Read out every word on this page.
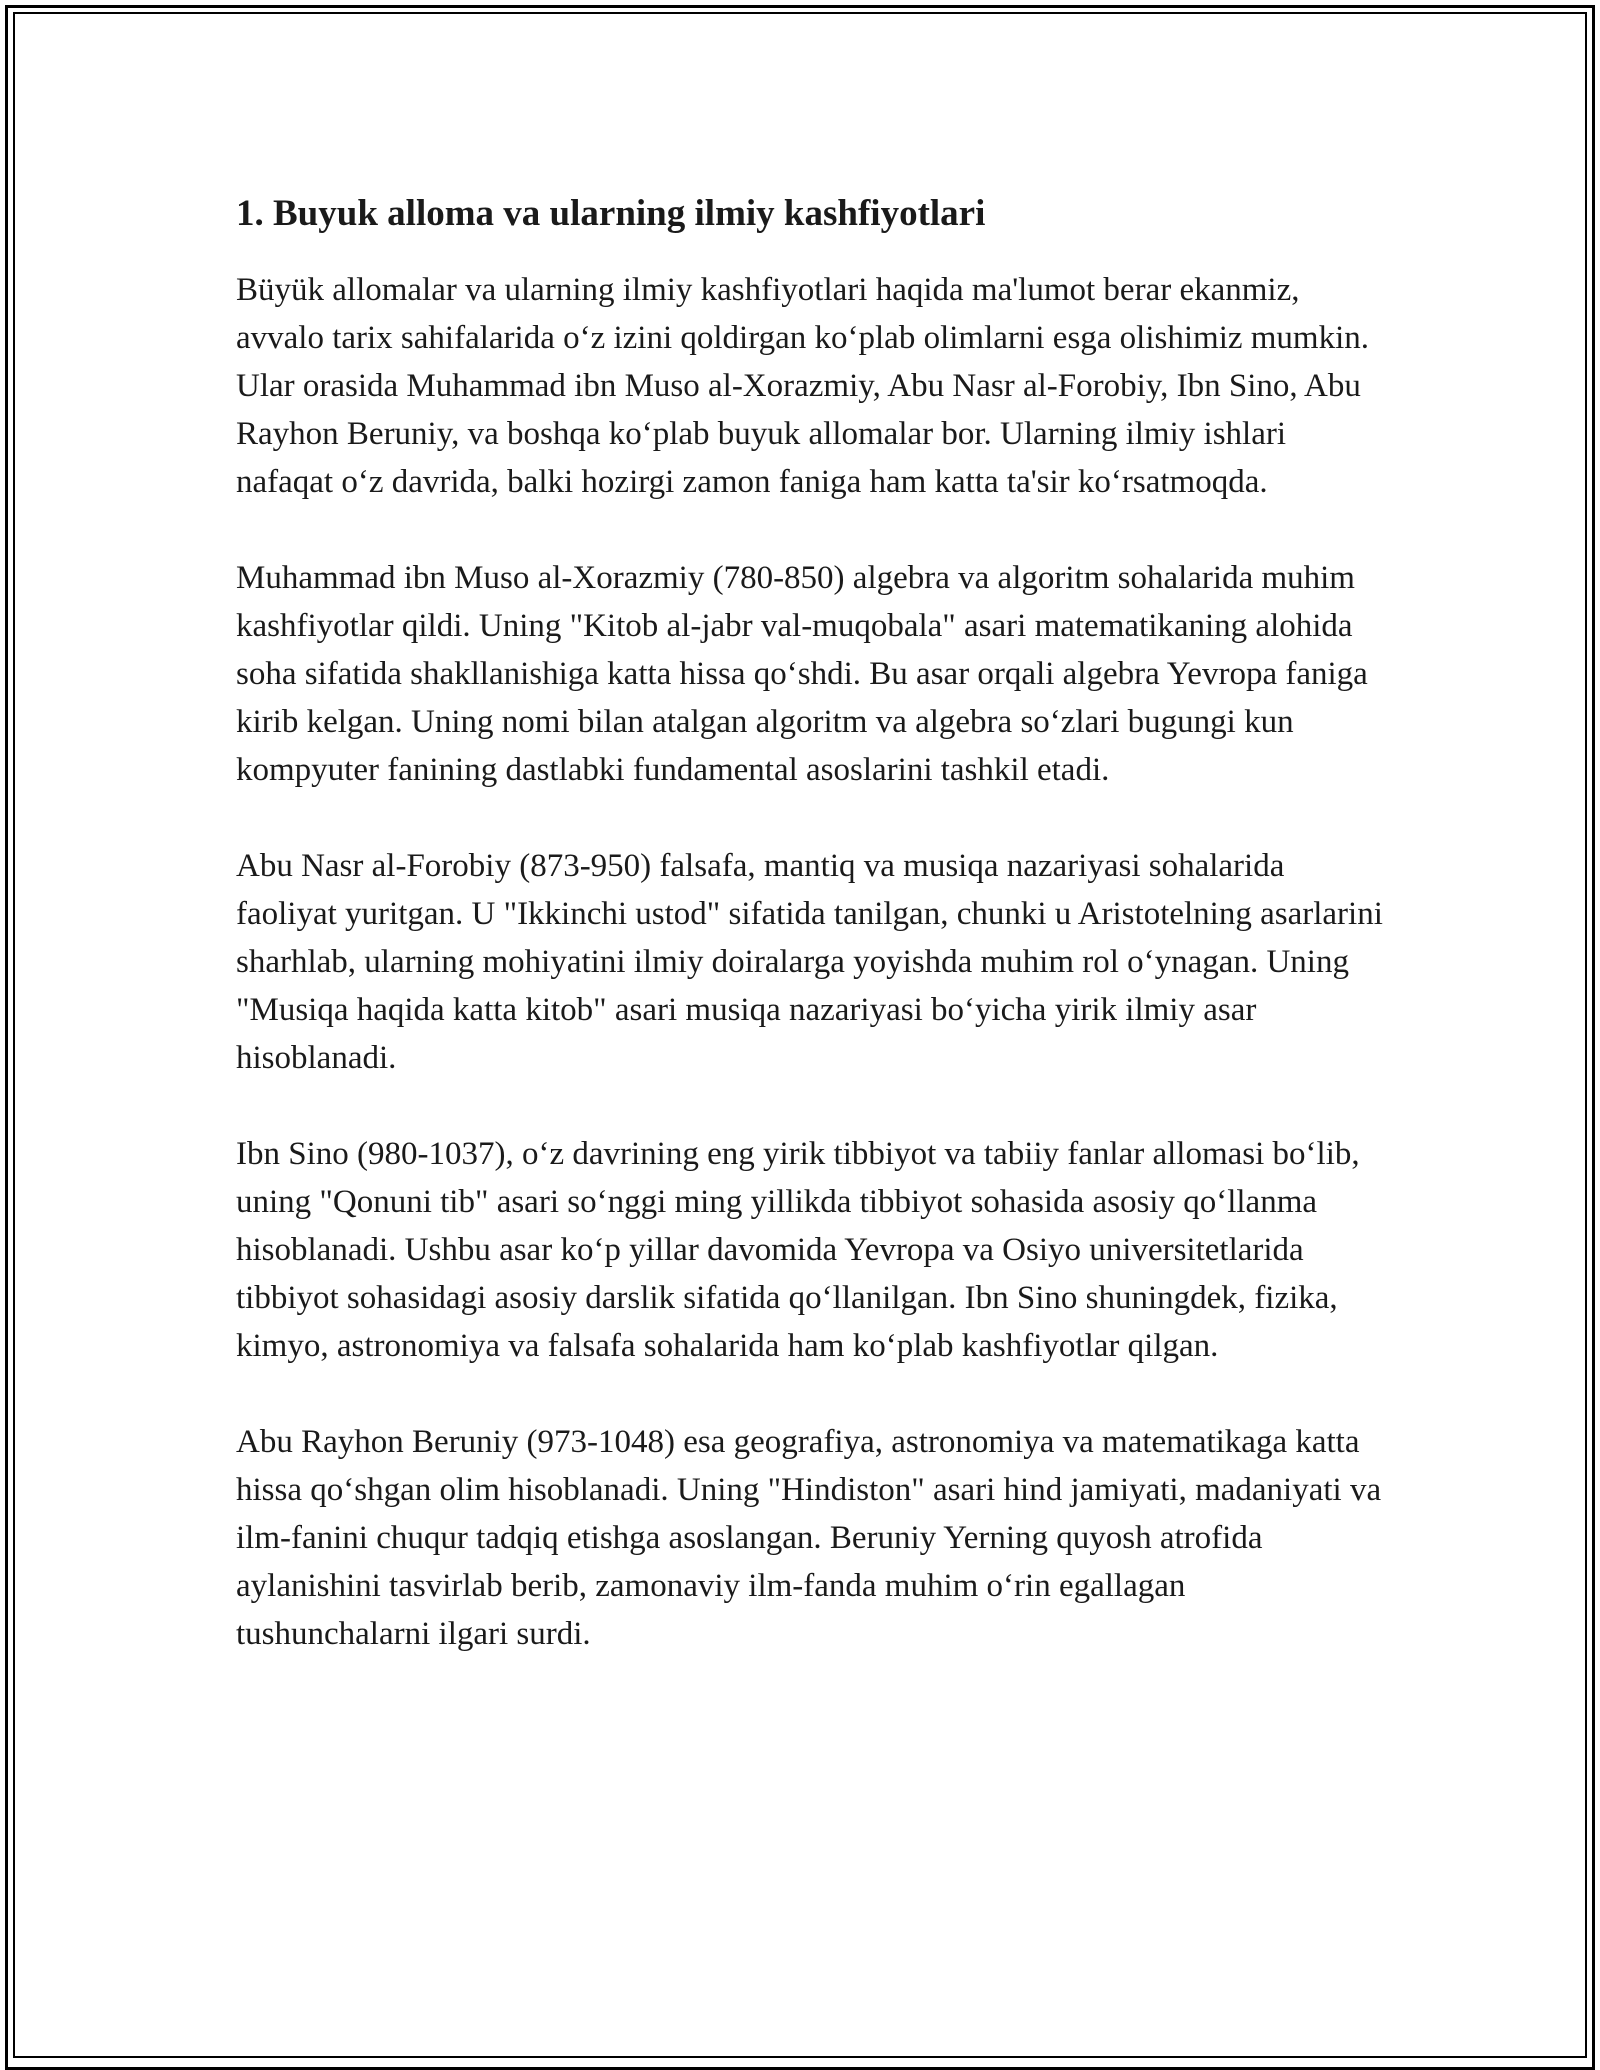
1. Buyuk alloma va ularning ilmiy kashfiyotlari

Büyük allomalar va ularning ilmiy kashfiyotlari haqida ma'lumot berar ekanmiz, avvalo tarix sahifalarida o‘z izini qoldirgan ko‘plab olimlarni esga olishimiz mumkin. Ular orasida Muhammad ibn Muso al-Xorazmiy, Abu Nasr al-Forobiy, Ibn Sino, Abu Rayhon Beruniy, va boshqa ko‘plab buyuk allomalar bor. Ularning ilmiy ishlari nafaqat o‘z davrida, balki hozirgi zamon faniga ham katta ta'sir ko‘rsatmoqda.

Muhammad ibn Muso al-Xorazmiy (780-850) algebra va algoritm sohalarida muhim kashfiyotlar qildi. Uning "Kitob al-jabr val-muqobala" asari matematikaning alohida soha sifatida shakllanishiga katta hissa qo‘shdi. Bu asar orqali algebra Yevropa faniga kirib kelgan. Uning nomi bilan atalgan algoritm va algebra so‘zlari bugungi kun kompyuter fanining dastlabki fundamental asoslarini tashkil etadi.

Abu Nasr al-Forobiy (873-950) falsafa, mantiq va musiqa nazariyasi sohalarida faoliyat yuritgan. U "Ikkinchi ustod" sifatida tanilgan, chunki u Aristotelning asarlarini sharhlab, ularning mohiyatini ilmiy doiralarga yoyishda muhim rol o‘ynagan. Uning "Musiqa haqida katta kitob" asari musiqa nazariyasi bo‘yicha yirik ilmiy asar hisoblanadi.

Ibn Sino (980-1037), o‘z davrining eng yirik tibbiyot va tabiiy fanlar allomasi bo‘lib, uning "Qonuni tib" asari so‘nggi ming yillikda tibbiyot sohasida asosiy qo‘llanma hisoblanadi. Ushbu asar ko‘p yillar davomida Yevropa va Osiyo universitetlarida tibbiyot sohasidagi asosiy darslik sifatida qo‘llanilgan. Ibn Sino shuningdek, fizika, kimyo, astronomiya va falsafa sohalarida ham ko‘plab kashfiyotlar qilgan.

Abu Rayhon Beruniy (973-1048) esa geografiya, astronomiya va matematikaga katta hissa qo‘shgan olim hisoblanadi. Uning "Hindiston" asari hind jamiyati, madaniyati va ilm-fanini chuqur tadqiq etishga asoslangan. Beruniy Yerning quyosh atrofida aylanishini tasvirlab berib, zamonaviy ilm-fanda muhim o‘rin egallagan tushunchalarni ilgari surdi.
